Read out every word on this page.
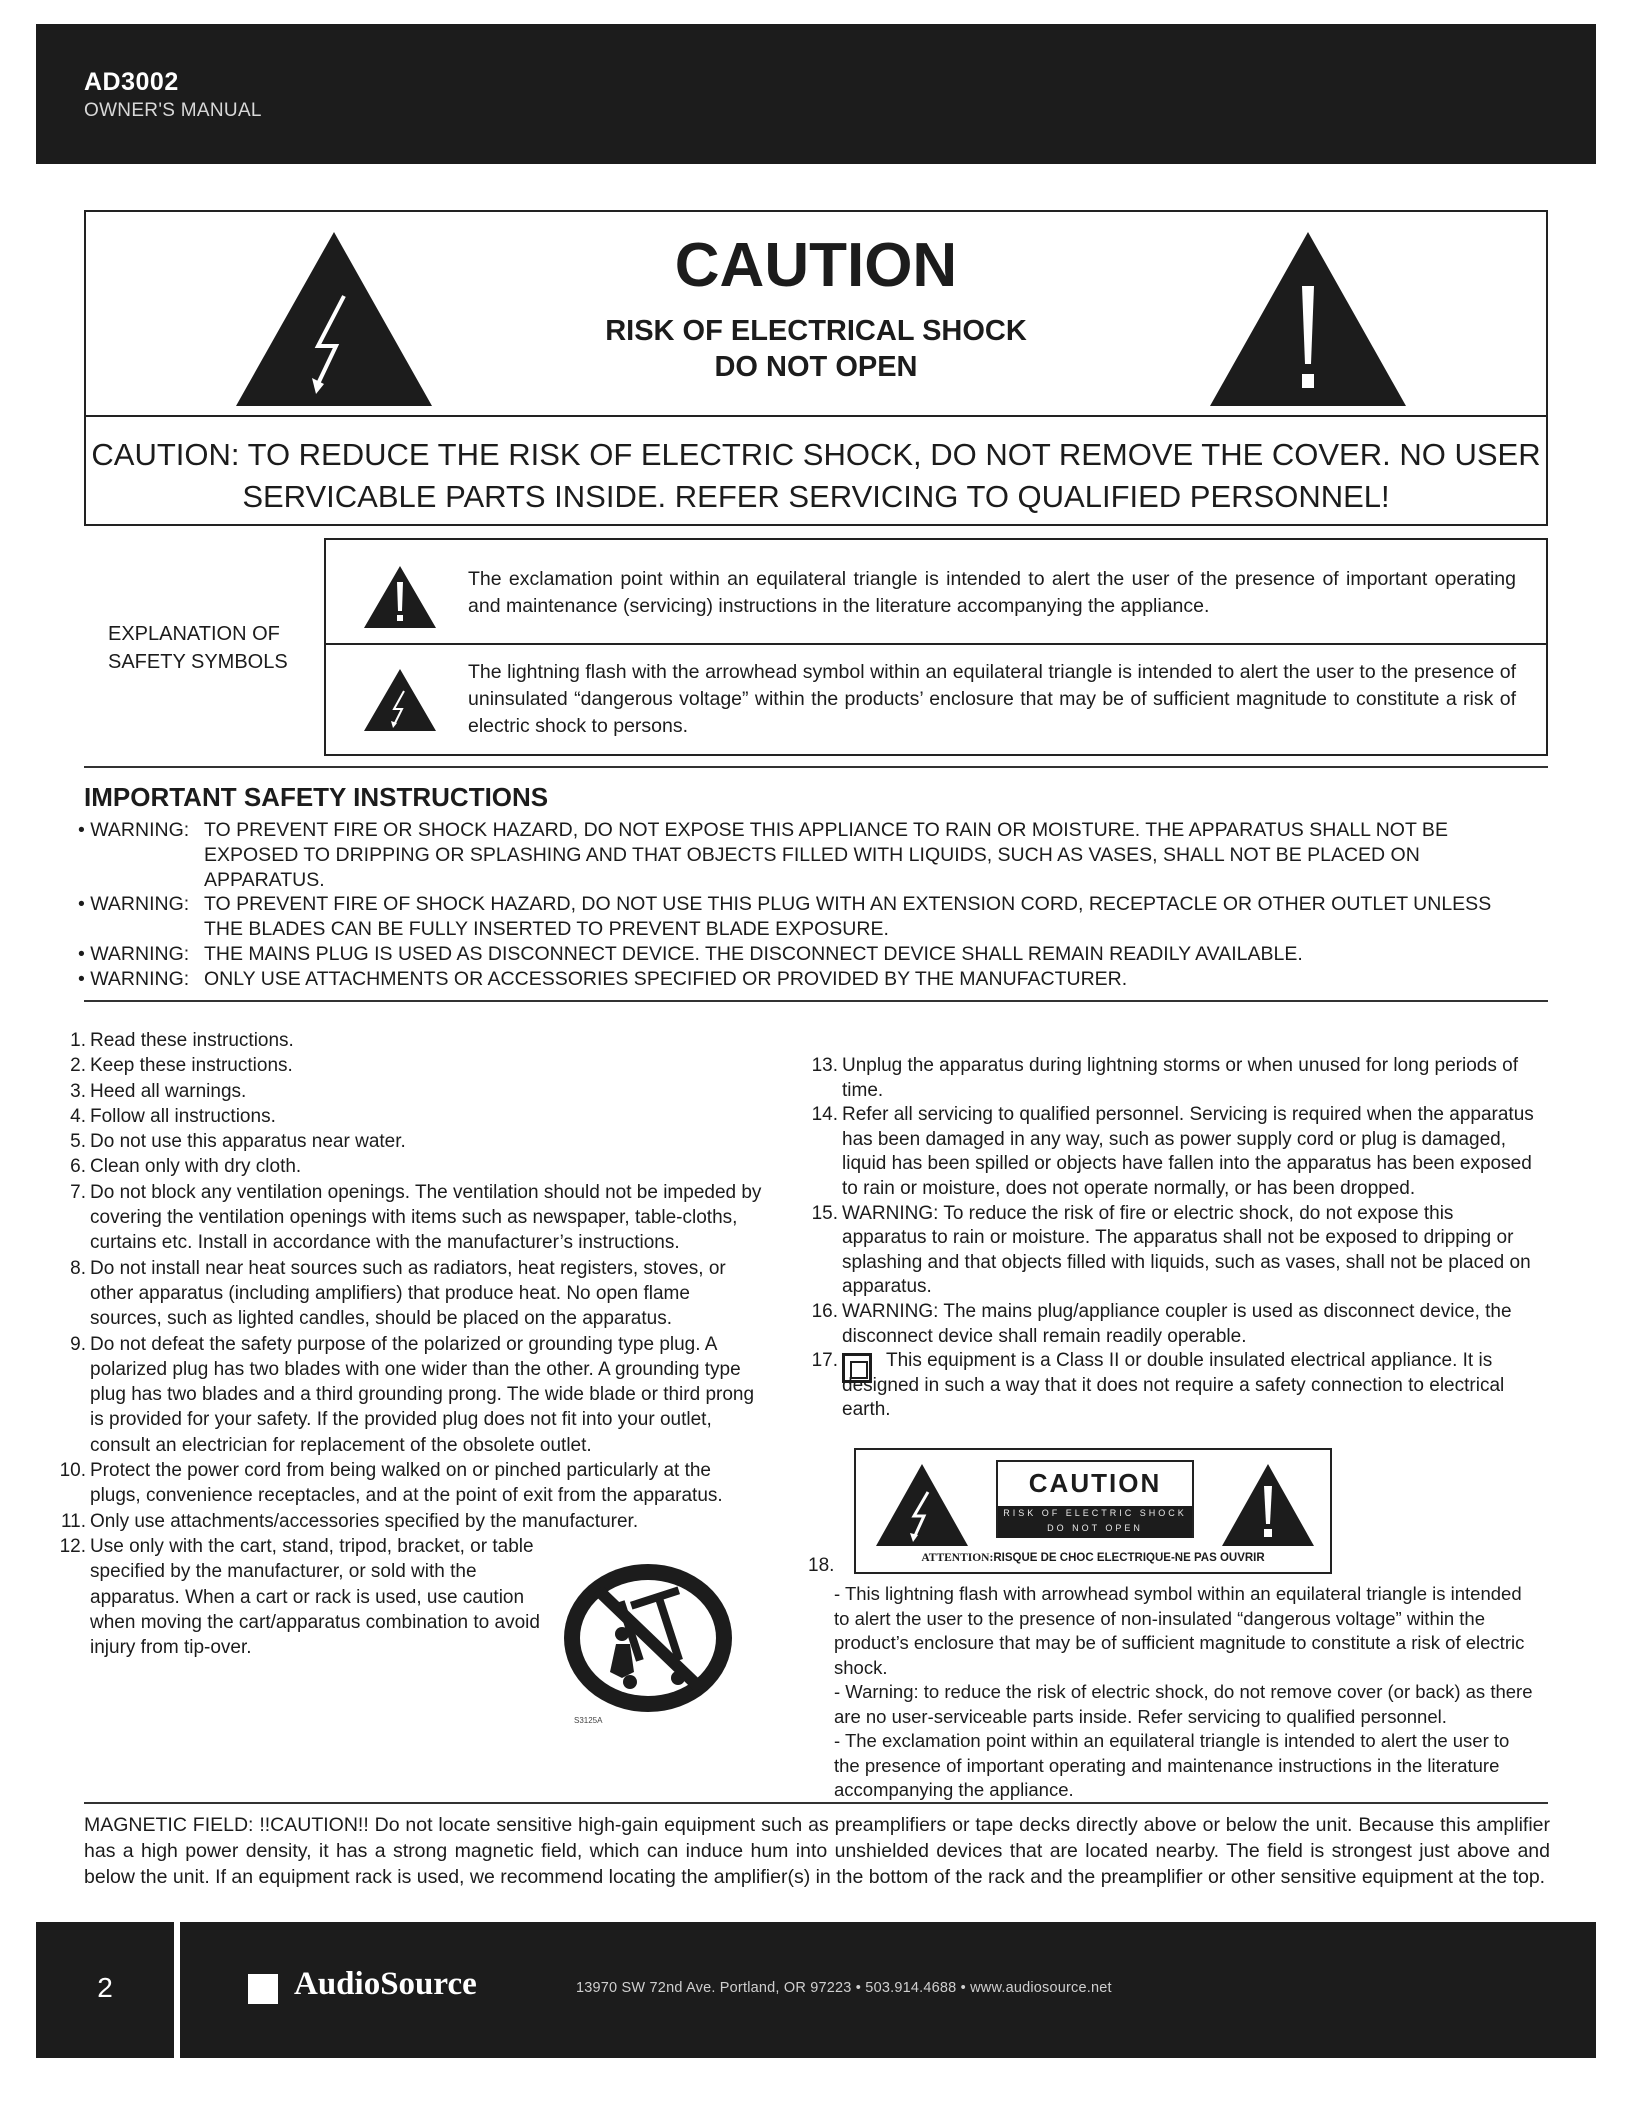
AD3002
OWNER'S MANUAL
CAUTION
RISK OF ELECTRICAL SHOCK
DO NOT OPEN
CAUTION: TO REDUCE THE RISK OF ELECTRIC SHOCK, DO NOT REMOVE THE COVER. NO USER SERVICABLE PARTS INSIDE. REFER SERVICING TO QUALIFIED PERSONNEL!
EXPLANATION OF
SAFETY SYMBOLS
The exclamation point within an equilateral triangle is intended to alert the user of the presence of important operating and maintenance (servicing) instructions in the literature accompanying the appliance.
The lightning flash with the arrowhead symbol within an equilateral triangle is intended to alert the user to the presence of uninsulated “dangerous voltage” within the products’ enclosure that may be of sufficient magnitude to constitute a risk of electric shock to persons.
IMPORTANT SAFETY INSTRUCTIONS
• WARNING: TO PREVENT FIRE OR SHOCK HAZARD, DO NOT EXPOSE THIS APPLIANCE TO RAIN OR MOISTURE. THE APPARATUS SHALL NOT BE EXPOSED TO DRIPPING OR SPLASHING AND THAT OBJECTS FILLED WITH LIQUIDS, SUCH AS VASES, SHALL NOT BE PLACED ON APPARATUS.
• WARNING: TO PREVENT FIRE OF SHOCK HAZARD, DO NOT USE THIS PLUG WITH AN EXTENSION CORD, RECEPTACLE OR OTHER OUTLET UNLESS THE BLADES CAN BE FULLY INSERTED TO PREVENT BLADE EXPOSURE.
• WARNING: THE MAINS PLUG IS USED AS DISCONNECT DEVICE. THE DISCONNECT DEVICE SHALL REMAIN READILY AVAILABLE.
• WARNING: ONLY USE ATTACHMENTS OR ACCESSORIES SPECIFIED OR PROVIDED BY THE MANUFACTURER.
1. Read these instructions.
2. Keep these instructions.
3. Heed all warnings.
4. Follow all instructions.
5. Do not use this apparatus near water.
6. Clean only with dry cloth.
7. Do not block any ventilation openings. The ventilation should not be impeded by covering the ventilation openings with items such as newspaper, table-cloths, curtains etc. Install in accordance with the manufacturer’s instructions.
8. Do not install near heat sources such as radiators, heat registers, stoves, or other apparatus (including amplifiers) that produce heat. No open flame sources, such as lighted candles, should be placed on the apparatus.
9. Do not defeat the safety purpose of the polarized or grounding type plug. A polarized plug has two blades with one wider than the other. A grounding type plug has two blades and a third grounding prong. The wide blade or third prong is provided for your safety. If the provided plug does not fit into your outlet, consult an electrician for replacement of the obsolete outlet.
10. Protect the power cord from being walked on or pinched particularly at the plugs, convenience receptacles, and at the point of exit from the apparatus.
11. Only use attachments/accessories specified by the manufacturer.
12. Use only with the cart, stand, tripod, bracket, or table specified by the manufacturer, or sold with the apparatus. When a cart or rack is used, use caution when moving the cart/apparatus combination to avoid injury from tip-over.
S3125A
13. Unplug the apparatus during lightning storms or when unused for long periods of time.
14. Refer all servicing to qualified personnel. Servicing is required when the apparatus has been damaged in any way, such as power supply cord or plug is damaged, liquid has been spilled or objects have fallen into the apparatus has been exposed to rain or moisture, does not operate normally, or has been dropped.
15. WARNING: To reduce the risk of fire or electric shock, do not expose this apparatus to rain or moisture. The apparatus shall not be exposed to dripping or splashing and that objects filled with liquids, such as vases, shall not be placed on apparatus.
16. WARNING: The mains plug/appliance coupler is used as disconnect device, the disconnect device shall remain readily operable.
17.	This equipment is a Class II or double insulated electrical appliance. It is designed in such a way that it does not require a safety connection to electrical earth.
18.
CAUTION
RISK OF ELECTRIC SHOCK
DO NOT OPEN
ATTENTION:RISQUE DE CHOC ELECTRIQUE-NE PAS OUVRIR
- This lightning flash with arrowhead symbol within an equilateral triangle is intended to alert the user to the presence of non-insulated “dangerous voltage” within the product’s enclosure that may be of sufficient magnitude to constitute a risk of electric shock.
- Warning: to reduce the risk of electric shock, do not remove cover (or back) as there are no user-serviceable parts inside. Refer servicing to qualified personnel.
- The exclamation point within an equilateral triangle is intended to alert the user to the presence of important operating and maintenance instructions in the literature accompanying the appliance.
MAGNETIC FIELD: !!CAUTION!! Do not locate sensitive high-gain equipment such as preamplifiers or tape decks directly above or below the unit. Because this amplifier has a high power density, it has a strong magnetic field, which can induce hum into unshielded devices that are located nearby. The field is strongest just above and below the unit. If an equipment rack is used, we recommend locating the amplifier(s) in the bottom of the rack and the preamplifier or other sensitive equipment at the top.
2	AudioSource	13970 SW 72nd Ave. Portland, OR 97223 • 503.914.4688 • www.audiosource.net
